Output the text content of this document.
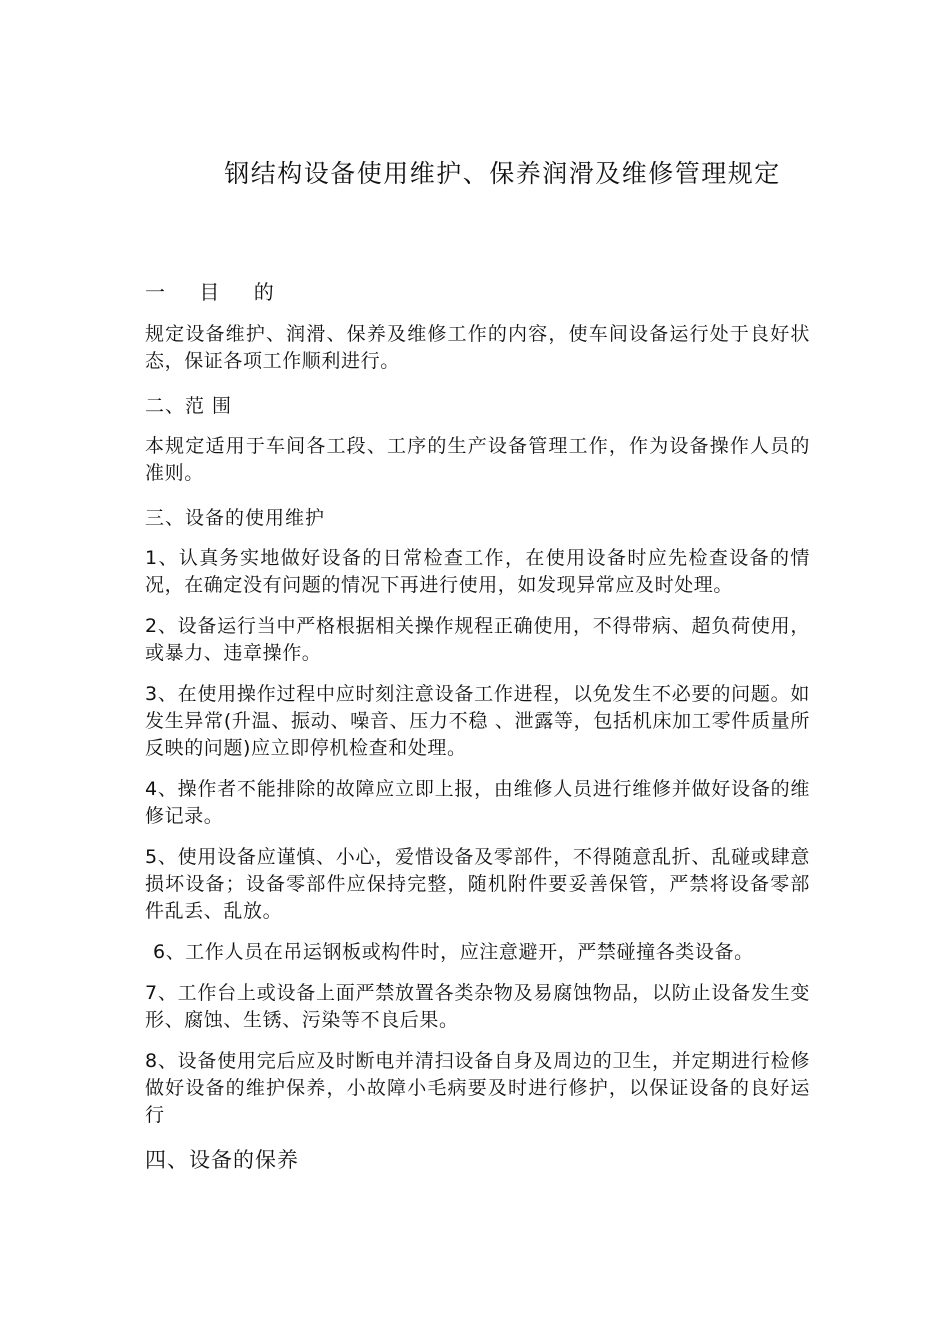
钢结构设备使用维护、保养润滑及维修管理规定
一 目 的

规定设备维护、润滑、保养及维修工作的内容，使车间设备运行处于良好状态，保证各项工作顺利进行。

二、范 围

本规定适用于车间各工段、工序的生产设备管理工作，作为设备操作人员的准则。

三、设备的使用维护

1、认真务实地做好设备的日常检查工作，在使用设备时应先检查设备的情况，在确定没有问题的情况下再进行使用，如发现异常应及时处理。

2、设备运行当中严格根据相关操作规程正确使用，不得带病、超负荷使用，或暴力、违章操作。

3、在使用操作过程中应时刻注意设备工作进程，以免发生不必要的问题。如发生异常(升温、振动、噪音、压力不稳 、泄露等，包括机床加工零件质量所反映的问题)应立即停机检查和处理。

4、操作者不能排除的故障应立即上报，由维修人员进行维修并做好设备的维修记录。

5、使用设备应谨慎、小心，爱惜设备及零部件，不得随意乱折、乱碰或肆意损坏设备；设备零部件应保持完整，随机附件要妥善保管，严禁将设备零部件乱丢、乱放。

6、工作人员在吊运钢板或构件时，应注意避开，严禁碰撞各类设备。

7、工作台上或设备上面严禁放置各类杂物及易腐蚀物品，以防止设备发生变形、腐蚀、生锈、污染等不良后果。

8、设备使用完后应及时断电并清扫设备自身及周边的卫生，并定期进行检修做好设备的维护保养，小故障小毛病要及时进行修护，以保证设备的良好运行

四、设备的保养
